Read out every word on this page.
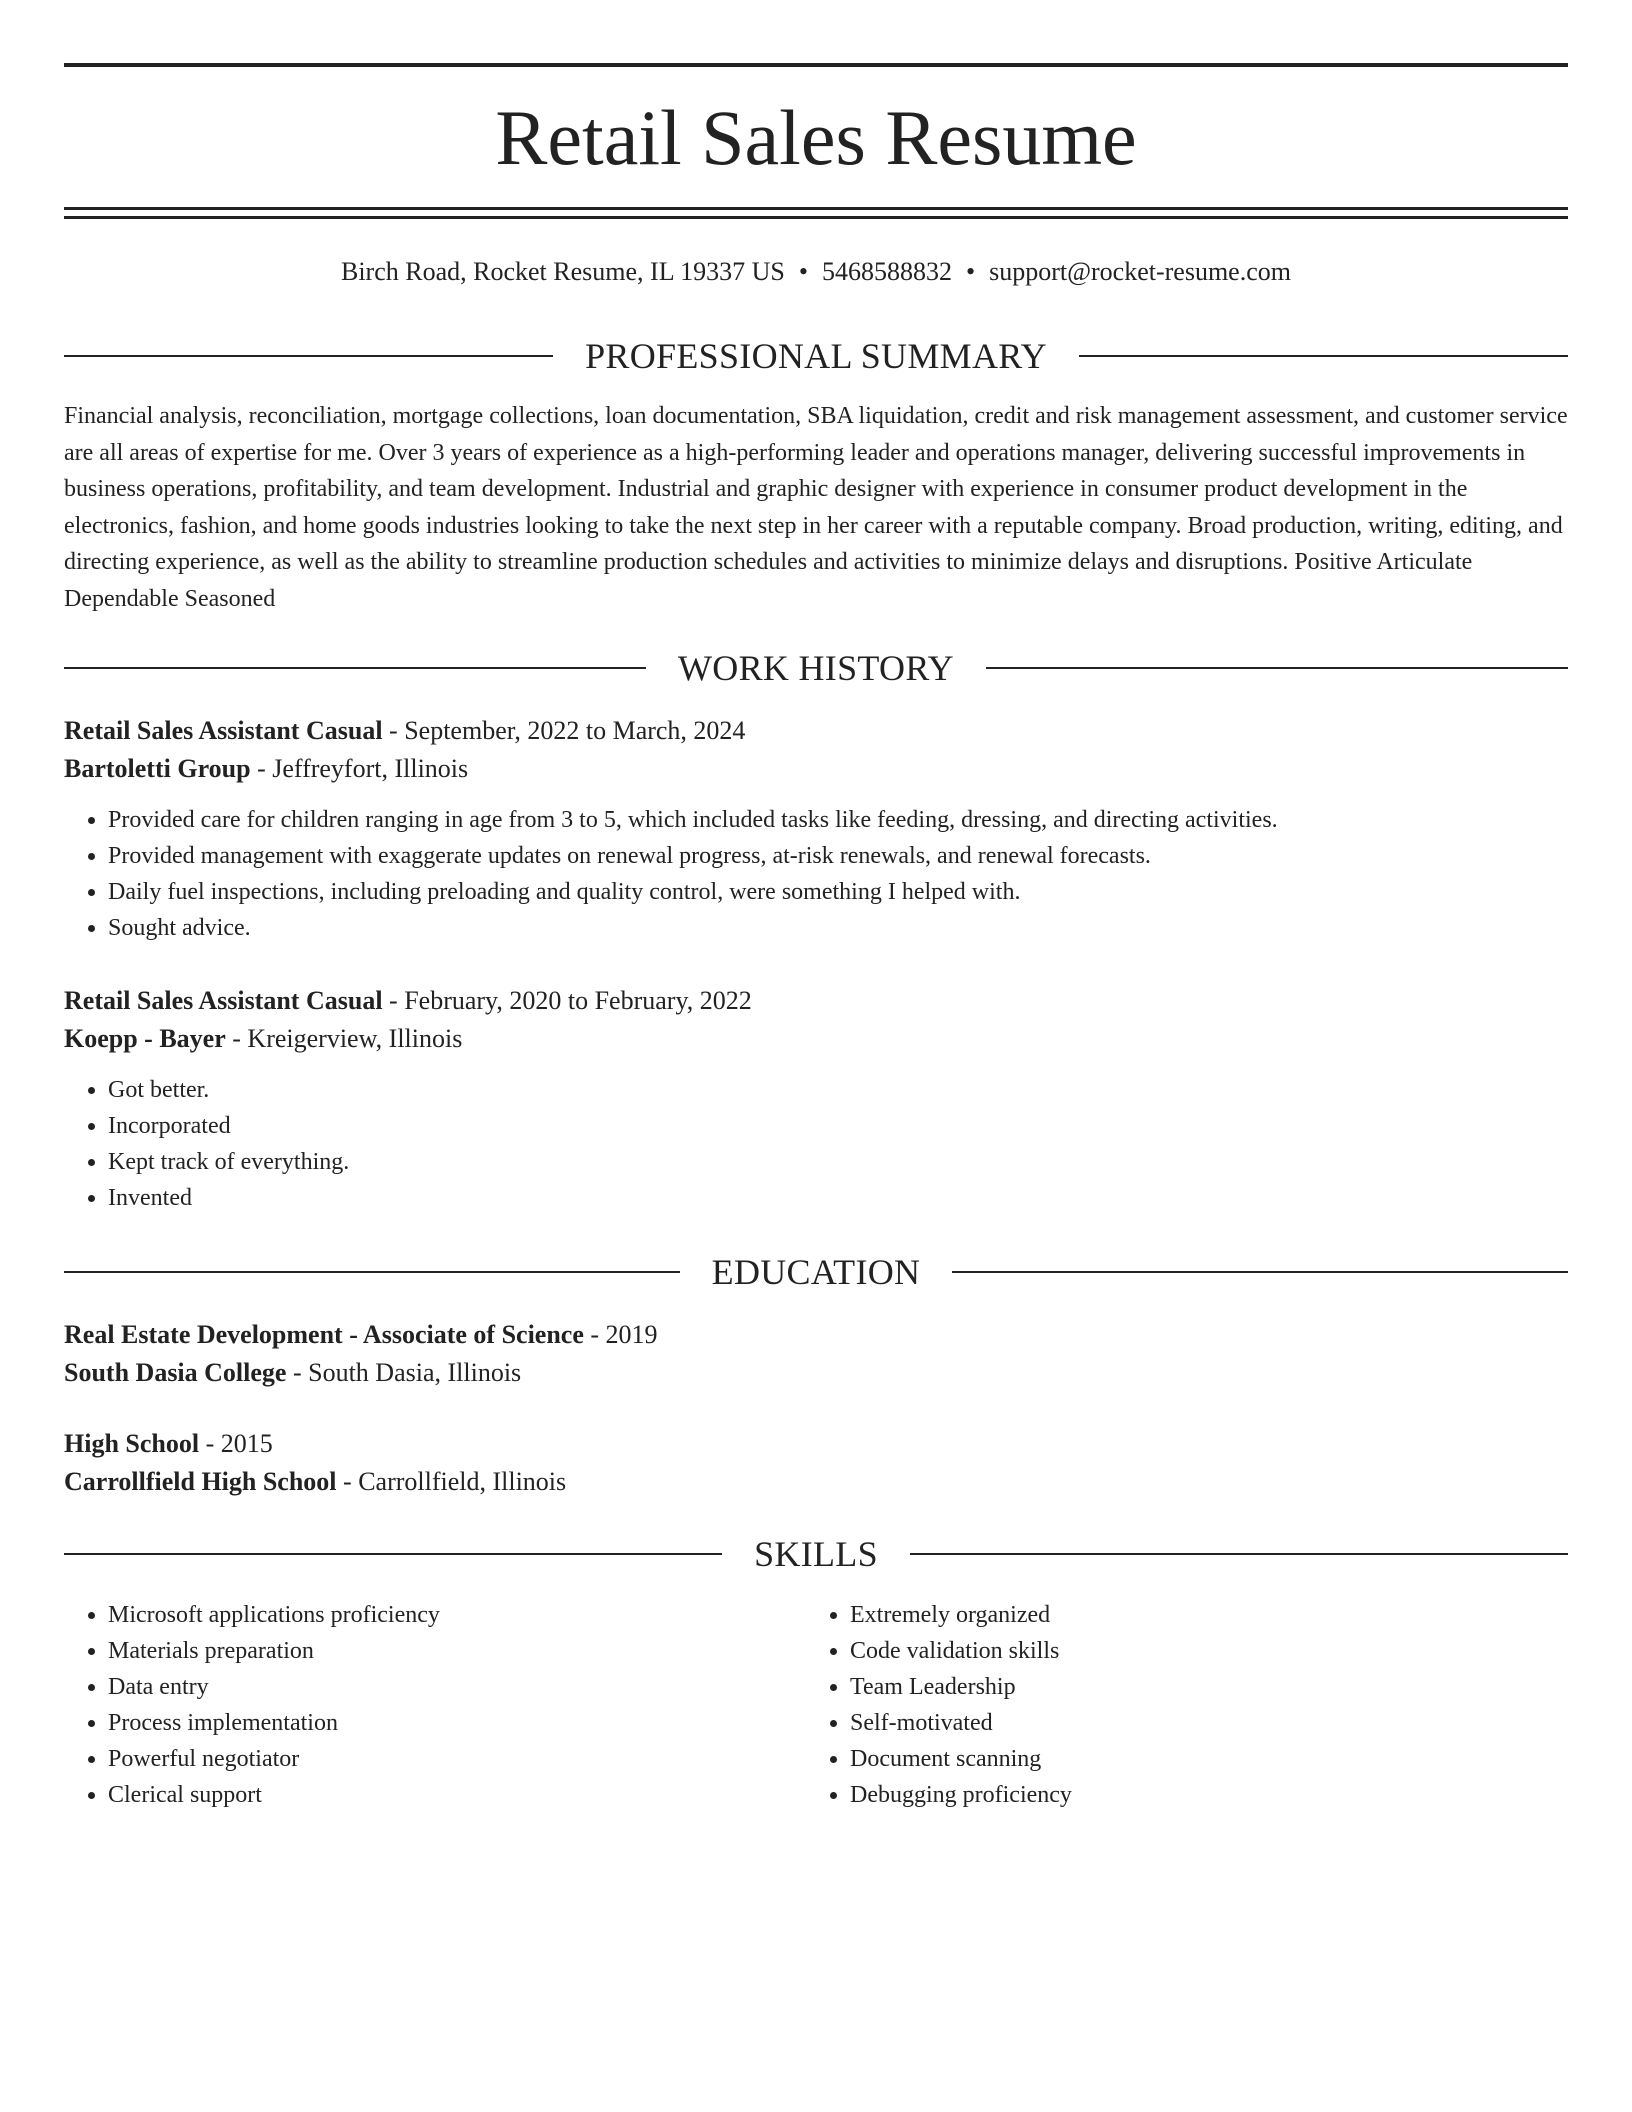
Retail Sales Resume
Birch Road, Rocket Resume, IL 19337 US • 5468588832 • support@rocket-resume.com
PROFESSIONAL SUMMARY

Financial analysis, reconciliation, mortgage collections, loan documentation, SBA liquidation, credit and risk management assessment, and customer service are all areas of expertise for me. Over 3 years of experience as a high-performing leader and operations manager, delivering successful improvements in business operations, profitability, and team development. Industrial and graphic designer with experience in consumer product development in the electronics, fashion, and home goods industries looking to take the next step in her career with a reputable company. Broad production, writing, editing, and directing experience, as well as the ability to streamline production schedules and activities to minimize delays and disruptions. Positive Articulate Dependable Seasoned

WORK HISTORY
Retail Sales Assistant Casual - September, 2022 to March, 2024
Bartoletti Group - Jeffreyfort, Illinois
• Provided care for children ranging in age from 3 to 5, which included tasks like feeding, dressing, and directing activities.
• Provided management with exaggerate updates on renewal progress, at-risk renewals, and renewal forecasts.
• Daily fuel inspections, including preloading and quality control, were something I helped with.
• Sought advice.
Retail Sales Assistant Casual - February, 2020 to February, 2022
Koepp - Bayer - Kreigerview, Illinois
• Got better.
• Incorporated
• Kept track of everything.
• Invented
EDUCATION
Real Estate Development - Associate of Science - 2019
South Dasia College - South Dasia, Illinois
High School - 2015
Carrollfield High School - Carrollfield, Illinois
SKILLS
• Microsoft applications proficiency
• Materials preparation
• Data entry
• Process implementation
• Powerful negotiator
• Clerical support
• Extremely organized
• Code validation skills
• Team Leadership
• Self-motivated
• Document scanning
• Debugging proficiency
